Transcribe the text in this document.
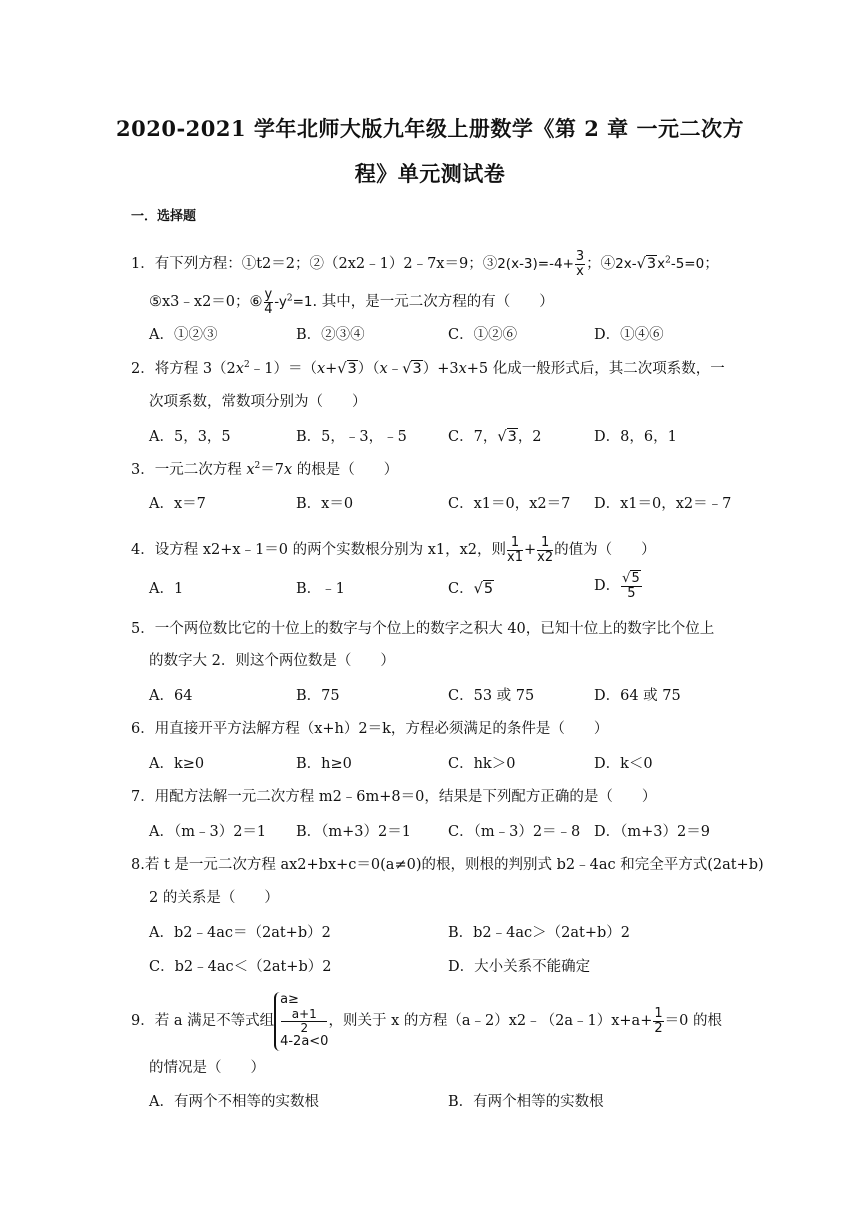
2020-2021 学年北师大版九年级上册数学《第 2 章 一元二次方
程》单元测试卷
一．选择题
1．有下列方程：①t2＝2；②（2x2﹣1）2﹣7x＝9；③2(x-3)=-4+ $\frac{3}{x}$ ；$④2x-√3x^2-5=0$；
⑤x3﹣x2＝0；⑥ $\frac{y}{4} -y^2=1$. 其中，是一元二次方程的有（　　）
A．①②③	B．②③④	C．①②⑥	D．①④⑥
2．将方程 $3(2x^2﹣1)=(x+√3)(x﹣√3)+3x+5$ 化成一般形式后，其二次项系数，一
次项系数，常数项分别为（　　）
A．5，3，5	B．5，﹣3，﹣5	C．7，√3，2	D．8，6，1
3．一元二次方程 $x^2=7x$ 的根是（　　）
A．x＝7	B．x＝0	C．x1＝0，x2＝7 D．x1＝0，x2＝﹣7
4．设方程 x2+x﹣1＝0 的两个实数根分别为 x1，x2，则 $\frac{1}{x1} + \frac{1}{x2}$ 的值为（　　）
A．1	B．﹣1	C．√5	D． $\frac{√5}{5}$
5．一个两位数比它的十位上的数字与个位上的数字之积大 40，已知十位上的数字比个位上
的数字大 2．则这个两位数是（　　）
A．64	B．75	C．53 或 75	D．64 或 75
6．用直接开平方法解方程（x+h）2＝k，方程必须满足的条件是（　　）
A．k≥0	B．h≥0	C．hk＞0	D．k＜0
7．用配方法解一元二次方程 m2﹣6m+8＝0，结果是下列配方正确的是（　　）
A．（m﹣3）2＝1 B．（m+3）2＝1	C．（m﹣3）2＝﹣8 D．（m+3）2＝9
8.若 t 是一元二次方程 ax2+bx+c＝0(a≠0)的根，则根的判别式 b2﹣4ac 和完全平方式(2at+b)
2 的关系是（　　）
A．b2﹣4ac＝（2at+b）2	B．b2﹣4ac＞（2at+b）2
C．b2﹣4ac＜（2at+b）2	D．大小关系不能确定
9．若 a 满足不等式组
a≥
a+1
2
4-2a<0
，则关于 x 的方程（a﹣2）x2﹣（2a﹣1）x+a+ $\frac{1}{2} =0$ 的根
的情况是（　　）
A．有两个不相等的实数根	B．有两个相等的实数根
